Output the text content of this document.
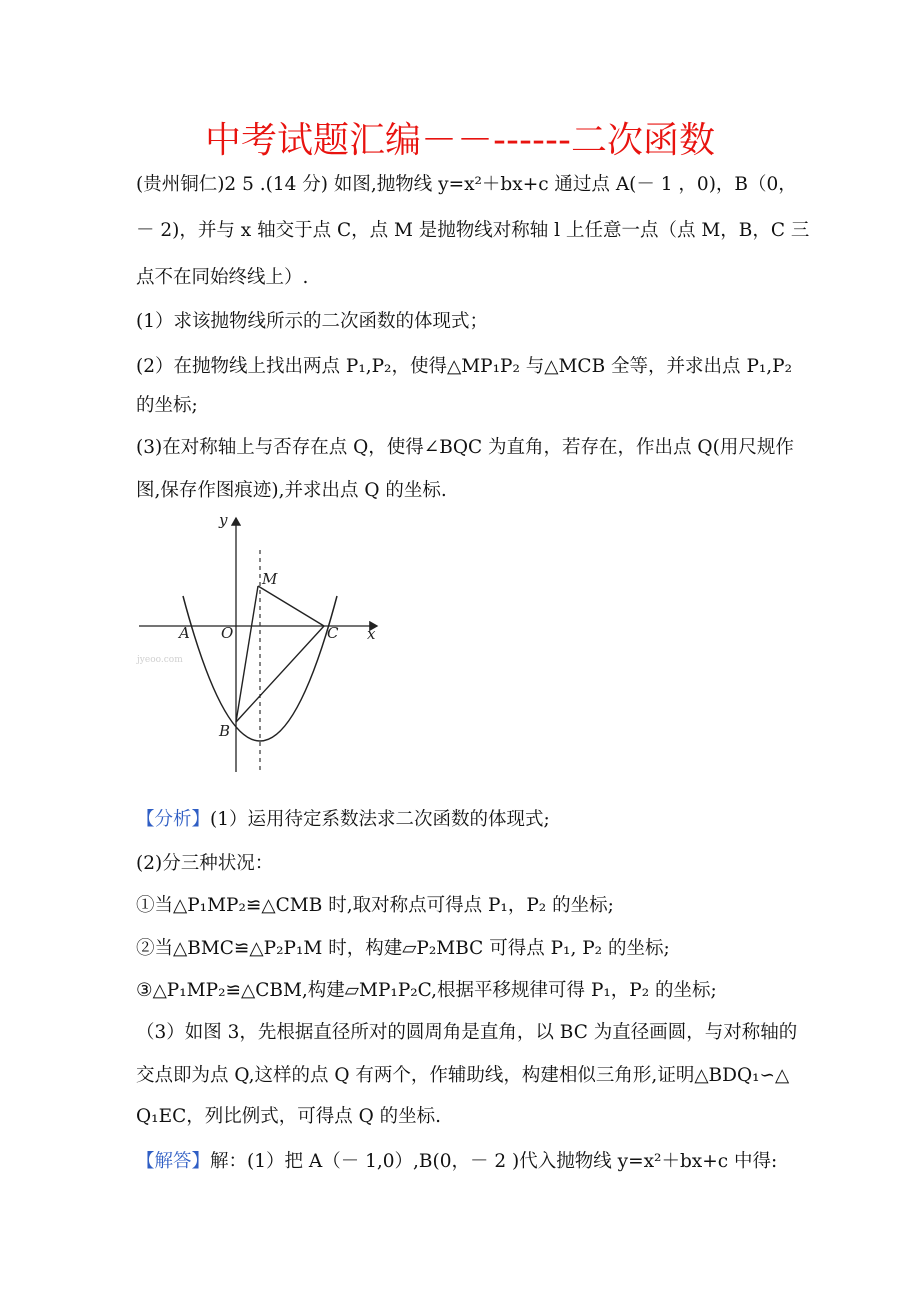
中考试题汇编－－------二次函数
(贵州铜仁)2 5 .(14 分) 如图,抛物线 y=x²＋bx+c 通过点 A(－ 1 ，0)，B（0，
－ 2)，并与 x 轴交于点 C，点 M 是抛物线对称轴 l 上任意一点（点 M，B，C 三
点不在同始终线上）.
(1）求该抛物线所示的二次函数的体现式；
(2）在抛物线上找出两点 P₁,P₂，使得△MP₁P₂ 与△MCB 全等，并求出点 P₁,P₂
的坐标;
(3)在对称轴上与否存在点 Q，使得∠BQC 为直角，若存在，作出点 Q(用尺规作
图,保存作图痕迹),并求出点 Q 的坐标.
y
x
M
A O	C
B
jyeoo.com
【分析】(1）运用待定系数法求二次函数的体现式;
(2)分三种状况：
①当△P₁MP₂≌△CMB 时,取对称点可得点 P₁，P₂ 的坐标;
②当△BMC≌△P₂P₁M 时，构建▱P₂MBC 可得点 P₁, P₂ 的坐标;
③△P₁MP₂≌△CBM,构建▱MP₁P₂C,根据平移规律可得 P₁，P₂ 的坐标;
（3）如图 3，先根据直径所对的圆周角是直角，以 BC 为直径画圆，与对称轴的
交点即为点 Q,这样的点 Q 有两个，作辅助线，构建相似三角形,证明△BDQ₁∽△
Q₁EC，列比例式，可得点 Q 的坐标.
【解答】解：(1）把 A（－ 1,0）,B(0，－ 2 )代入抛物线 y=x²＋bx+c 中得:
